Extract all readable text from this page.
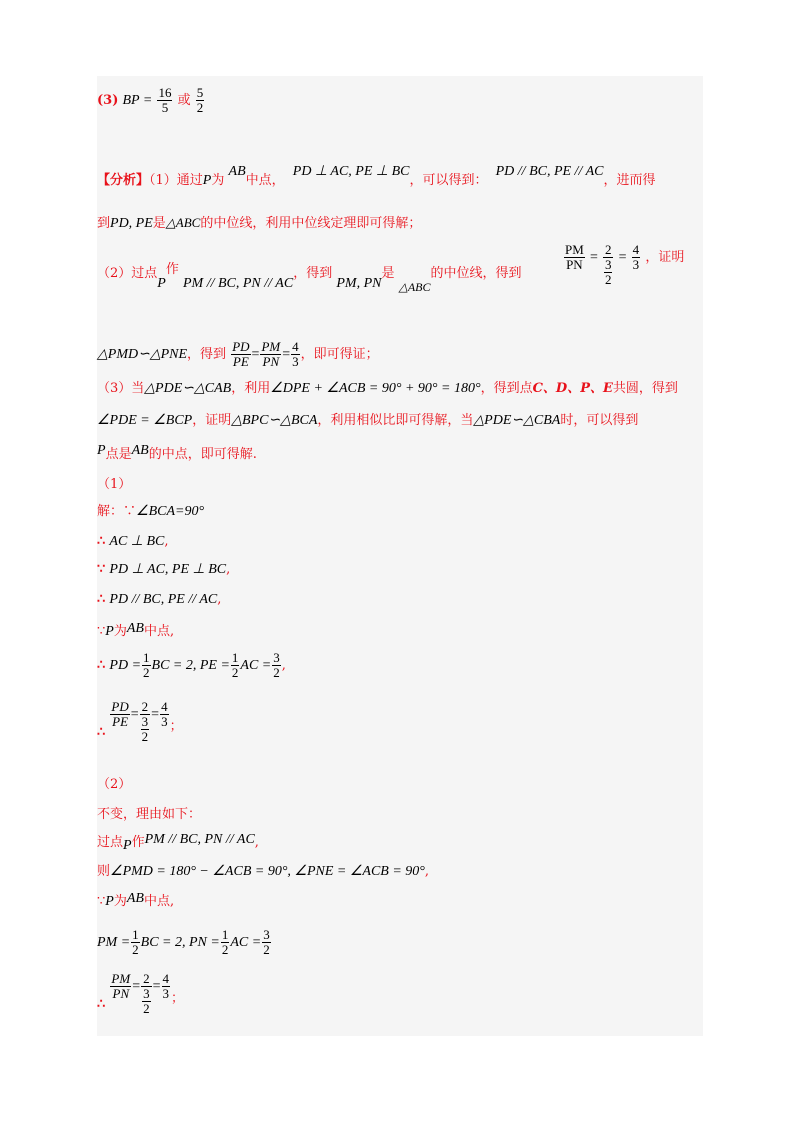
(3) BP = $\frac{16}{5}$ 或 $\frac{5}{2}$
【分析】（1）通过P为 AB中点， PD ⊥ AC, PE ⊥ BC，可以得到： PD // BC, PE // AC，进而得
到PD, PE是△ABC的中位线，利用中位线定理即可得解；
（2）过点P作 PM // BC, PN // AC，得到 PM, PN是 △ABC的中位线，得到
$\frac{PM}{PN} = \frac{2}{\frac{3}{2}} = \frac{4}{3}$ ，证明
△PMD∽△PNE，得到 $\frac{PD}{PE} = \frac{PM}{PN} = \frac{4}{3}$ ，即可得证；
（3）当△PDE∽△CAB，利用∠DPE + ∠ACB = 90° + 90° = 180°，得到点C、D、P、E共圆，得到
∠PDE = ∠BCP，证明△BPC∽△BCA，利用相似比即可得解，当△PDE∽△CBA时，可以得到
P点是AB的中点，即可得解.
（1）
解：∵∠BCA=90°
∴ AC ⊥ BC,
∵ PD ⊥ AC, PE ⊥ BC,
∴ PD // BC, PE // AC,
∵P为AB中点,
∴ PD = $\frac{1}{2}$ BC = 2, PE = $\frac{1}{2}$ AC = $\frac{3}{2}$ ,
∴
$\frac{PD}{PE} = \frac{2}{\frac{3}{2}} = \frac{4}{3}$ ；
（2）
不变，理由如下：
过点P作PM // BC, PN // AC,
则∠PMD = 180° − ∠ACB = 90°, ∠PNE = ∠ACB = 90°,
∵P为AB中点,
PM = $\frac{1}{2}$ BC = 2, PN = $\frac{1}{2}$ AC = $\frac{3}{2}$
∴
$\frac{PM}{PN} = \frac{2}{\frac{3}{2}} = \frac{4}{3}$ ；
